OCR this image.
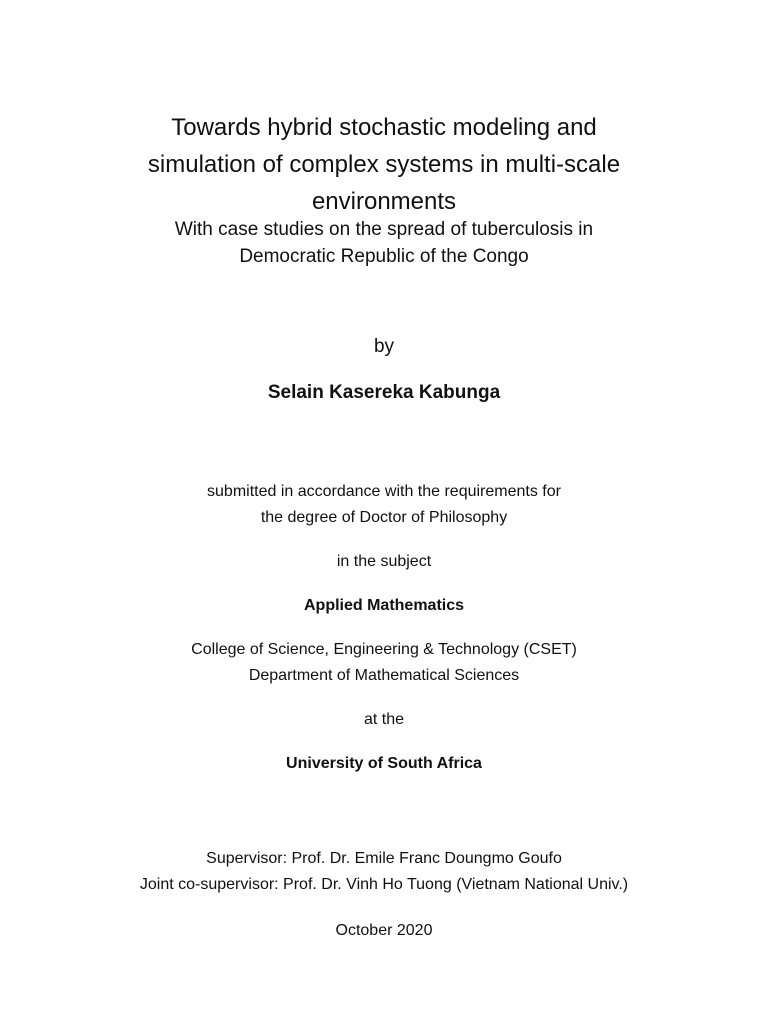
Towards hybrid stochastic modeling and
simulation of complex systems in multi-scale
environments
With case studies on the spread of tuberculosis in
Democratic Republic of the Congo
by
Selain Kasereka Kabunga
submitted in accordance with the requirements for
the degree of Doctor of Philosophy
in the subject
Applied Mathematics
College of Science, Engineering & Technology (CSET)
Department of Mathematical Sciences
at the
University of South Africa
Supervisor: Prof. Dr. Emile Franc Doungmo Goufo
Joint co-supervisor: Prof. Dr. Vinh Ho Tuong (Vietnam National Univ.)
October 2020
